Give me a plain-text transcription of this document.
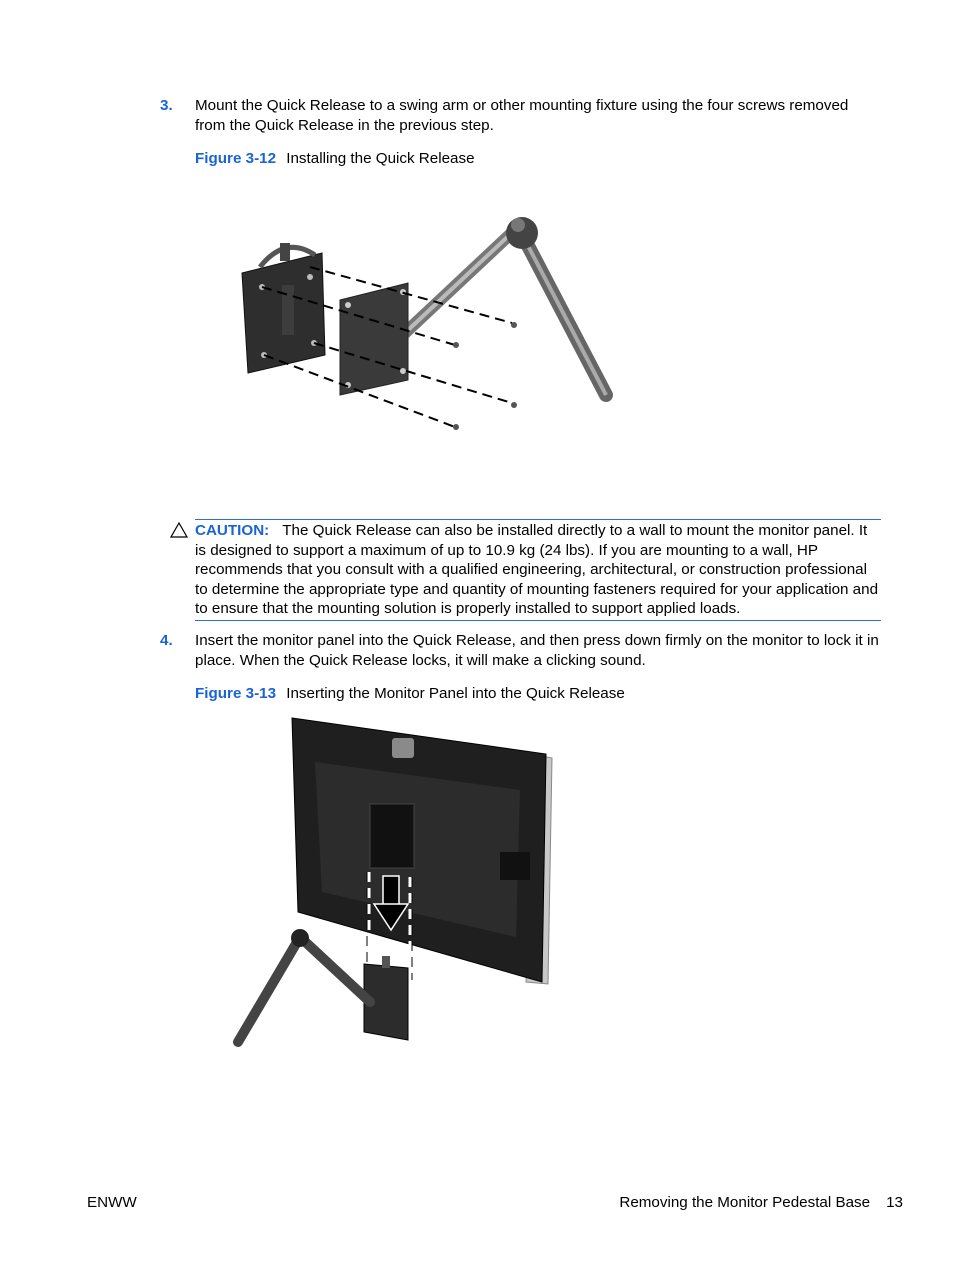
3. Mount the Quick Release to a swing arm or other mounting fixture using the four screws removed from the Quick Release in the previous step.
Figure 3-12 Installing the Quick Release
CAUTION: The Quick Release can also be installed directly to a wall to mount the monitor panel. It is designed to support a maximum of up to 10.9 kg (24 lbs). If you are mounting to a wall, HP recommends that you consult with a qualified engineering, architectural, or construction professional to determine the appropriate type and quantity of mounting fasteners required for your application and to ensure that the mounting solution is properly installed to support applied loads.
4. Insert the monitor panel into the Quick Release, and then press down firmly on the monitor to lock it in place. When the Quick Release locks, it will make a clicking sound.
Figure 3-13 Inserting the Monitor Panel into the Quick Release
ENWW	Removing the Monitor Pedestal Base 13
